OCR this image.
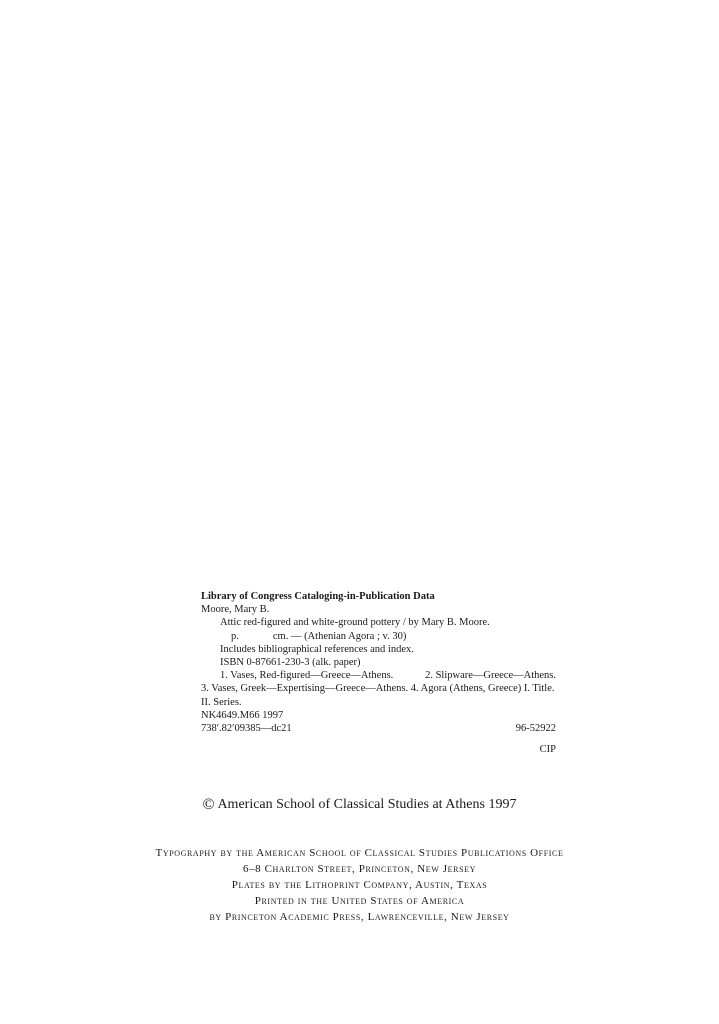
Library of Congress Cataloging-in-Publication Data
Moore, Mary B.
Attic red-figured and white-ground pottery / by Mary B. Moore.
p.	cm. — (Athenian Agora ; v. 30)
Includes bibliographical references and index.
ISBN 0-87661-230-3 (alk. paper)
1. Vases, Red-figured—Greece—Athens.	2. Slipware—Greece—Athens.
3. Vases, Greek—Expertising—Greece—Athens. 4. Agora (Athens, Greece) I. Title.
II. Series.
NK4649.M66 1997
738′.82′09385—dc21	96-52922
CIP
© American School of Classical Studies at Athens 1997
Typography by the American School of Classical Studies Publications Office
6–8 Charlton Street, Princeton, New Jersey
Plates by the Lithoprint Company, Austin, Texas
Printed in the United States of America
by Princeton Academic Press, Lawrenceville, New Jersey
